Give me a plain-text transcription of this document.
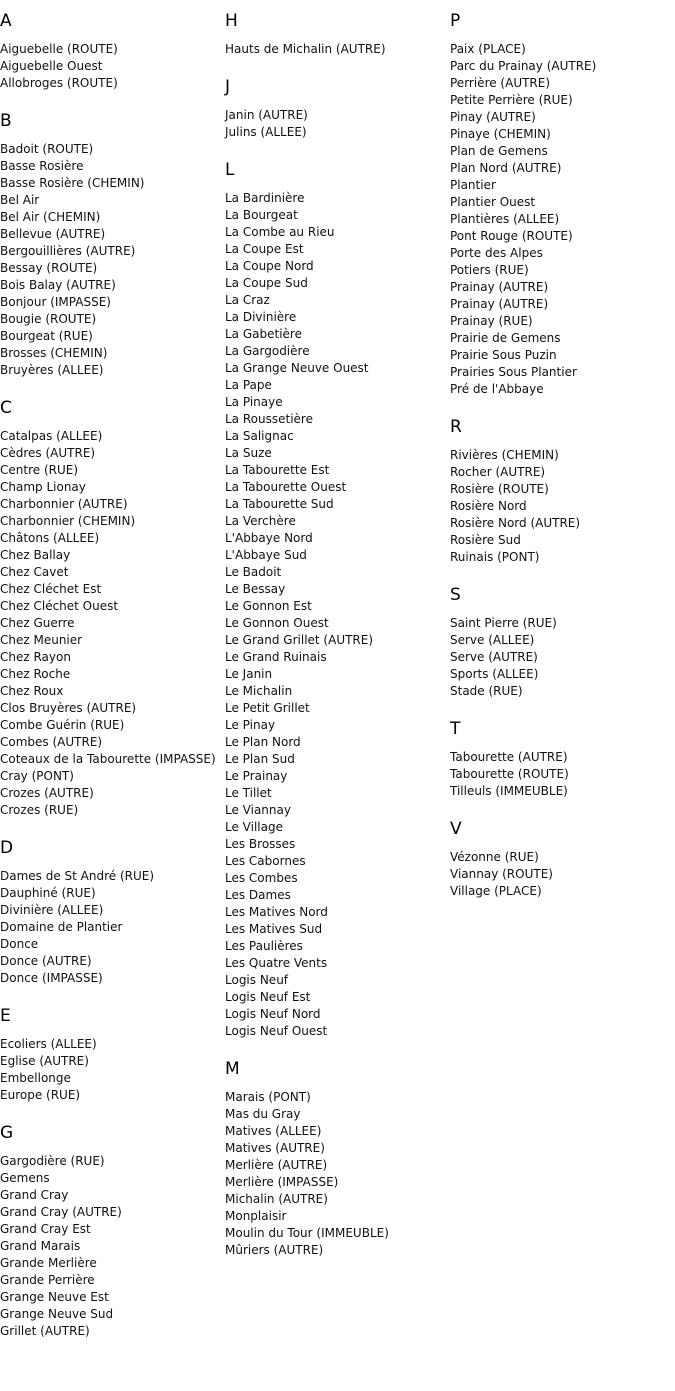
A
Aiguebelle (ROUTE)
Aiguebelle Ouest
Allobroges (ROUTE)
B
Badoit (ROUTE)
Basse Rosière
Basse Rosière (CHEMIN)
Bel Air
Bel Air (CHEMIN)
Bellevue (AUTRE)
Bergouillières (AUTRE)
Bessay (ROUTE)
Bois Balay (AUTRE)
Bonjour (IMPASSE)
Bougie (ROUTE)
Bourgeat (RUE)
Brosses (CHEMIN)
Bruyères (ALLEE)
C
Catalpas (ALLEE)
Cèdres (AUTRE)
Centre (RUE)
Champ Lionay
Charbonnier (AUTRE)
Charbonnier (CHEMIN)
Châtons (ALLEE)
Chez Ballay
Chez Cavet
Chez Cléchet Est
Chez Cléchet Ouest
Chez Guerre
Chez Meunier
Chez Rayon
Chez Roche
Chez Roux
Clos Bruyères (AUTRE)
Combe Guérin (RUE)
Combes (AUTRE)
Coteaux de la Tabourette (IMPASSE)
Cray (PONT)
Crozes (AUTRE)
Crozes (RUE)
D
Dames de St André (RUE)
Dauphiné (RUE)
Divinière (ALLEE)
Domaine de Plantier
Donce
Donce (AUTRE)
Donce (IMPASSE)
E
Ecoliers (ALLEE)
Eglise (AUTRE)
Embellonge
Europe (RUE)
G
Gargodière (RUE)
Gemens
Grand Cray
Grand Cray (AUTRE)
Grand Cray Est
Grand Marais
Grande Merlière
Grande Perrière
Grange Neuve Est
Grange Neuve Sud
Grillet (AUTRE)
H
Hauts de Michalin (AUTRE)
J
Janin (AUTRE)
Julins (ALLEE)
L
La Bardinière
La Bourgeat
La Combe au Rieu
La Coupe Est
La Coupe Nord
La Coupe Sud
La Craz
La Divinière
La Gabetière
La Gargodière
La Grange Neuve Ouest
La Pape
La Pinaye
La Roussetière
La Salignac
La Suze
La Tabourette Est
La Tabourette Ouest
La Tabourette Sud
La Verchère
L'Abbaye Nord
L'Abbaye Sud
Le Badoit
Le Bessay
Le Gonnon Est
Le Gonnon Ouest
Le Grand Grillet (AUTRE)
Le Grand Ruinais
Le Janin
Le Michalin
Le Petit Grillet
Le Pinay
Le Plan Nord
Le Plan Sud
Le Prainay
Le Tillet
Le Viannay
Le Village
Les Brosses
Les Cabornes
Les Combes
Les Dames
Les Matives Nord
Les Matives Sud
Les Paulières
Les Quatre Vents
Logis Neuf
Logis Neuf Est
Logis Neuf Nord
Logis Neuf Ouest
M
Marais (PONT)
Mas du Gray
Matives (ALLEE)
Matives (AUTRE)
Merlière (AUTRE)
Merlière (IMPASSE)
Michalin (AUTRE)
Monplaisir
Moulin du Tour (IMMEUBLE)
Mûriers (AUTRE)
P
Paix (PLACE)
Parc du Prainay (AUTRE)
Perrière (AUTRE)
Petite Perrière (RUE)
Pinay (AUTRE)
Pinaye (CHEMIN)
Plan de Gemens
Plan Nord (AUTRE)
Plantier
Plantier Ouest
Plantières (ALLEE)
Pont Rouge (ROUTE)
Porte des Alpes
Potiers (RUE)
Prainay (AUTRE)
Prainay (AUTRE)
Prainay (RUE)
Prairie de Gemens
Prairie Sous Puzin
Prairies Sous Plantier
Pré de l'Abbaye
R
Rivières (CHEMIN)
Rocher (AUTRE)
Rosière (ROUTE)
Rosière Nord
Rosière Nord (AUTRE)
Rosière Sud
Ruinais (PONT)
S
Saint Pierre (RUE)
Serve (ALLEE)
Serve (AUTRE)
Sports (ALLEE)
Stade (RUE)
T
Tabourette (AUTRE)
Tabourette (ROUTE)
Tilleuls (IMMEUBLE)
V
Vézonne (RUE)
Viannay (ROUTE)
Village (PLACE)
